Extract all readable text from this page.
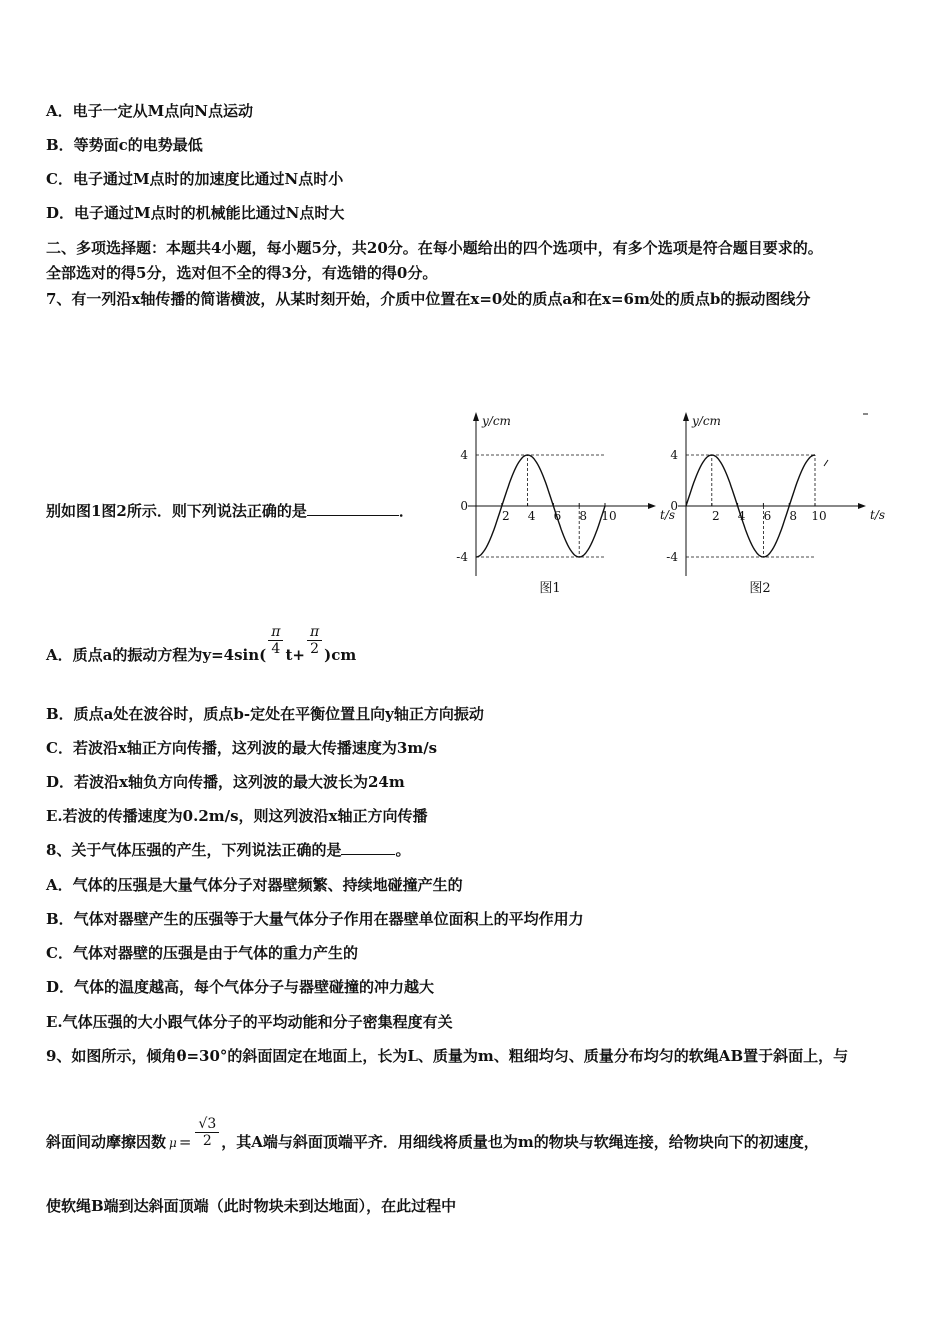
A．电子一定从M点向N点运动
B．等势面c的电势最低
C．电子通过M点时的加速度比通过N点时小
D．电子通过M点时的机械能比通过N点时大
二、多项选择题：本题共4小题，每小题5分，共20分。在每小题给出的四个选项中，有多个选项是符合题目要求的。
全部选对的得5分，选对但不全的得3分，有选错的得0分。
B．质点a处在波谷时，质点b-定处在平衡位置且向y轴正方向振动
C．若波沿x轴正方向传播，这列波的最大传播速度为3m/s
D．若波沿x轴负方向传播，这列波的最大波长为24m
E.若波的传播速度为0.2m/s，则这列波沿x轴正方向传播
A．气体的压强是大量气体分子对器壁频繁、持续地碰撞产生的
B．气体对器壁产生的压强等于大量气体分子作用在器壁单位面积上的平均作用力
C．气体对器壁的压强是由于气体的重力产生的
D．气体的温度越高，每个气体分子与器壁碰撞的冲力越大
E.气体压强的大小跟气体分子的平均动能和分子密集程度有关
9、如图所示，倾角θ=30°的斜面固定在地面上，长为L、质量为m、粗细均匀、质量分布均匀的软绳AB置于斜面上，与
使软绳B端到达斜面顶端（此时物块未到达地面），在此过程中
7、有一列沿x轴传播的简谐横波，从某时刻开始，介质中位置在x=0处的质点a和在x=6m处的质点b的振动图线分
别如图1图2所示．则下列说法正确的是	．
y/cm
t/s
0
4
-4
2 4 6 8 10
图1
y/cm
t/s
0
4
-4
2 4 6 8 10
图2
A．质点a的振动方程为$y=4\sin( \frac{\pi}{4} t+ \frac{\pi}{2} )cm$
8、关于气体压强的产生，下列说法正确的是	。
斜面间动摩擦因数 $\mu = \frac{√3}{2}$ ，其A端与斜面顶端平齐．用细线将质量也为m的物块与软绳连接，给物块向下的初速度，
